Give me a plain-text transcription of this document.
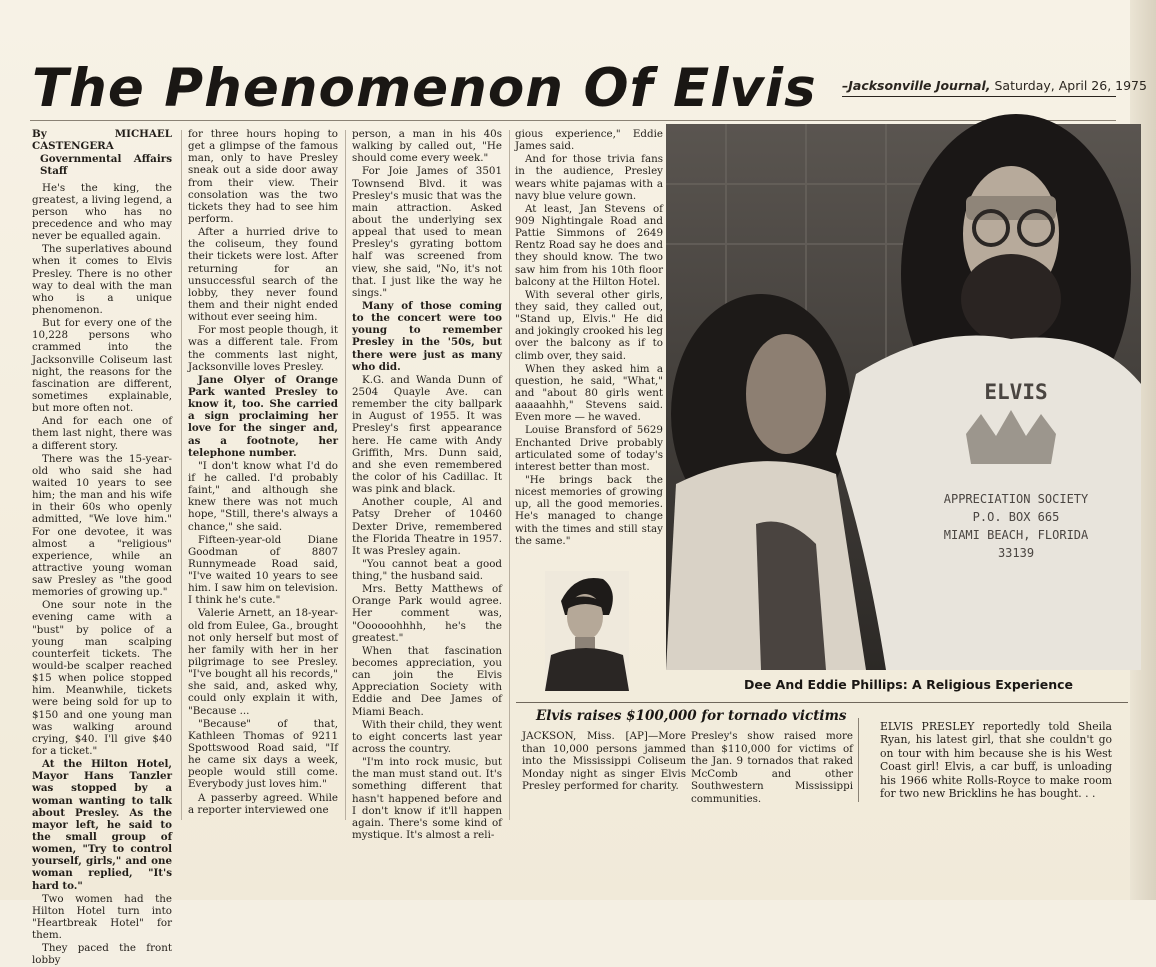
The Phenomenon Of Elvis –Jacksonville Journal, Saturday, April 26, 1975

By MICHAEL CASTENGERA

Governmental Affairs Staff

He's the king, the greatest, a living legend, a person who has no precedence and who may never be equalled again.

The superlatives abound when it comes to Elvis Presley. There is no other way to deal with the man who is a unique phenomenon.

But for every one of the 10,228 persons who crammed into the Jacksonville Coliseum last night, the reasons for the fascination are different, sometimes explainable, but more often not.

And for each one of them last night, there was a different story.

There was the 15-year-old who said she had waited 10 years to see him; the man and his wife in their 60s who openly admitted, "We love him." For one devotee, it was almost a "religious" experience, while an attractive young woman saw Presley as "the good memories of growing up."

One sour note in the evening came with a "bust" by police of a young man scalping counterfeit tickets. The would-be scalper reached $15 when police stopped him. Meanwhile, tickets were being sold for up to $150 and one young man was walking around crying, $40. I'll give $40 for a ticket."

At the Hilton Hotel, Mayor Hans Tanzler was stopped by a woman wanting to talk about Presley. As the mayor left, he said to the small group of women, "Try to control yourself, girls," and one woman replied, "It's hard to."

Two women had the Hilton Hotel turn into "Heartbreak Hotel" for them.

They paced the front lobby

for three hours hoping to get a glimpse of the famous man, only to have Presley sneak out a side door away from their view. Their consolation was the two tickets they had to see him perform.

After a hurried drive to the coliseum, they found their tickets were lost. After returning for an unsuccessful search of the lobby, they never found them and their night ended without ever seeing him.

For most people though, it was a different tale. From the comments last night, Jacksonville loves Presley.

Jane Olyer of Orange Park wanted Presley to know it, too. She carried a sign proclaiming her love for the singer and, as a footnote, her telephone number.

"I don't know what I'd do if he called. I'd probably faint," and although she knew there was not much hope, "Still, there's always a chance," she said.

Fifteen-year-old Diane Goodman of 8807 Runnymeade Road said, "I've waited 10 years to see him. I saw him on television. I think he's cute."

Valerie Arnett, an 18-year-old from Eulee, Ga., brought not only herself but most of her family with her in her pilgrimage to see Presley. "I've bought all his records," she said, and, asked why, could only explain it with, "Because ...

"Because" of that, Kathleen Thomas of 9211 Spottswood Road said, "If he came six days a week, people would still come. Everybody just loves him."

A passerby agreed. While a reporter interviewed one

person, a man in his 40s walking by called out, "He should come every week."

For Joie James of 3501 Townsend Blvd. it was Presley's music that was the main attraction. Asked about the underlying sex appeal that used to mean Presley's gyrating bottom half was screened from view, she said, "No, it's not that. I just like the way he sings."

Many of those coming to the concert were too young to remember Presley in the '50s, but there were just as many who did.

K.G. and Wanda Dunn of 2504 Quayle Ave. can remember the city ballpark in August of 1955. It was Presley's first appearance here. He came with Andy Griffith, Mrs. Dunn said, and she even remembered the color of his Cadillac. It was pink and black.

Another couple, Al and Patsy Dreher of 10460 Dexter Drive, remembered the Florida Theatre in 1957. It was Presley again.

"You cannot beat a good thing," the husband said.

Mrs. Betty Matthews of Orange Park would agree. Her comment was, "Oooooohhhh, he's the greatest."

When that fascination becomes appreciation, you can join the Elvis Appreciation Society with Eddie and Dee James of Miami Beach.

With their child, they went to eight concerts last year across the country.

"I'm into rock music, but the man must stand out. It's something different that hasn't happened before and I don't know if it'll happen again. There's some kind of mystique. It's almost a reli-

gious experience," Eddie James said.

And for those trivia fans in the audience, Presley wears white pajamas with a navy blue velure gown.

At least, Jan Stevens of 909 Nightingale Road and Pattie Simmons of 2649 Rentz Road say he does and they should know. The two saw him from his 10th floor balcony at the Hilton Hotel.

With several other girls, they said, they called out, "Stand up, Elvis." He did and jokingly crooked his leg over the balcony as if to climb over, they said.

When they asked him a question, he said, "What," and "about 80 girls went aaaaahhh," Stevens said. Even more — he waved.

Louise Bransford of 5629 Enchanted Drive probably articulated some of today's interest better than most.

"He brings back the nicest memories of growing up, all the good memories. He's managed to change with the times and still stay the same."

ELVIS
APPRECIATION SOCIETY
P.O. BOX 665
MIAMI BEACH, FLORIDA
33139
Dee And Eddie Phillips: A Religious Experience
Elvis raises $100,000 for tornado victims
JACKSON, Miss. [AP]—More than 10,000 persons jammed into the Mississippi Coliseum Monday night as singer Elvis Presley performed for charity.
Presley's show raised more than $110,000 for victims of the Jan. 9 tornados that raked McComb and other Southwestern Mississippi communities.
ELVIS PRESLEY reportedly told Sheila Ryan, his latest girl, that she couldn't go on tour with him because she is his West Coast girl! Elvis, a car buff, is unloading his 1966 white Rolls-Royce to make room for two new Bricklins he has bought. . .
